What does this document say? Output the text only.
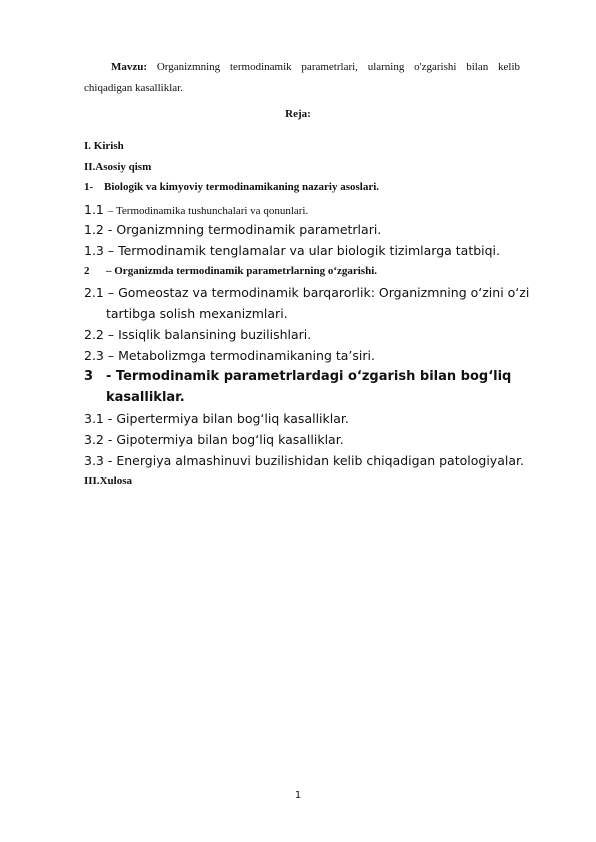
Mavzu: Organizmning termodinamik parametrlari, ularning o'zgarishi bilan kelib
chiqadigan kasalliklar.
Reja:
I. Kirish
II.Asosiy qism
1- Biologik va kimyoviy termodinamikaning nazariy asoslari.
1.1 – Termodinamika tushunchalari va qonunlari.
1.2 - Organizmning termodinamik parametrlari.
1.3 – Termodinamik tenglamalar va ular biologik tizimlarga tatbiqi.
2 – Organizmda termodinamik parametrlarning o‘zgarishi.
2.1 – Gomeostaz va termodinamik barqarorlik: Organizmning o‘zini o‘zi
tartibga solish mexanizmlari.
2.2 – Issiqlik balansining buzilishlari.
2.3 – Metabolizmga termodinamikaning ta’siri.
3 - Termodinamik parametrlardagi o‘zgarish bilan bog‘liq
kasalliklar.
3.1 - Gipertermiya bilan bog‘liq kasalliklar.
3.2 - Gipotermiya bilan bog‘liq kasalliklar.
3.3 - Energiya almashinuvi buzilishidan kelib chiqadigan patologiyalar.
III.Xulosa
1
